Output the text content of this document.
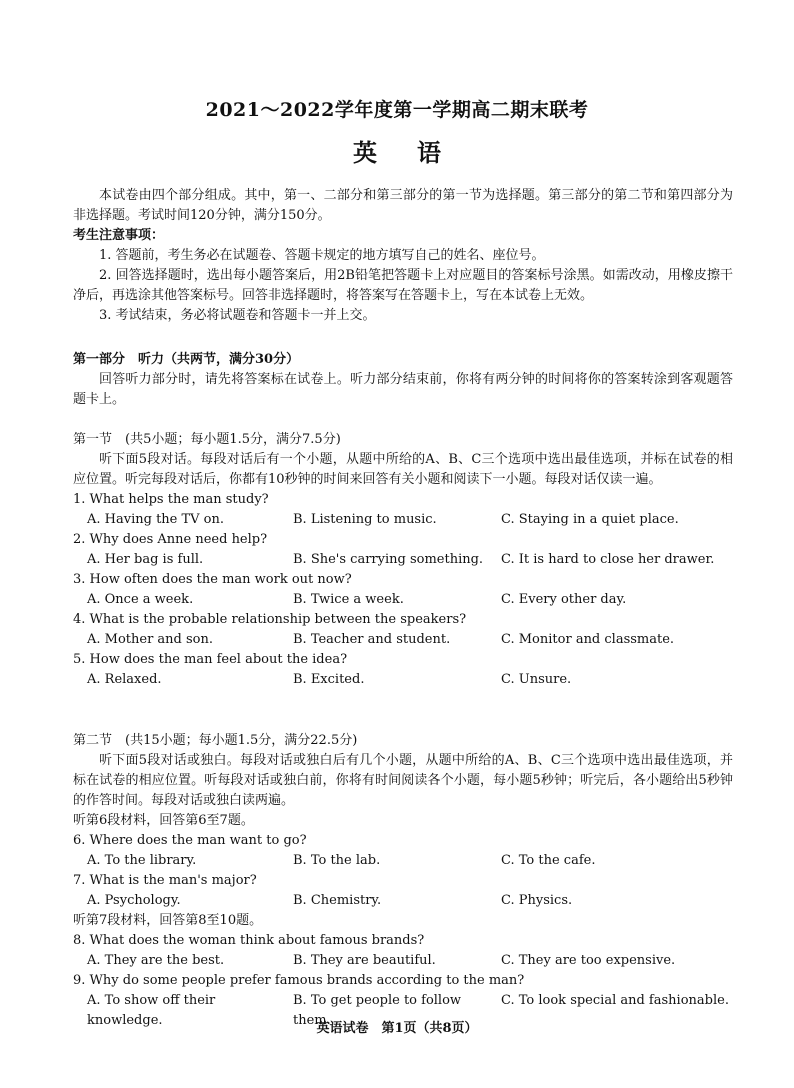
2021～2022学年度第一学期高二期末联考
英语

本试卷由四个部分组成。其中，第一、二部分和第三部分的第一节为选择题。第三部分的第二节和第四部分为非选择题。考试时间120分钟，满分150分。

考生注意事项：

1. 答题前，考生务必在试题卷、答题卡规定的地方填写自己的姓名、座位号。

2. 回答选择题时，选出每小题答案后，用2B铅笔把答题卡上对应题目的答案标号涂黑。如需改动，用橡皮擦干净后，再选涂其他答案标号。回答非选择题时，将答案写在答题卡上，写在本试卷上无效。

3. 考试结束，务必将试题卷和答题卡一并上交。

第一部分　听力（共两节，满分30分）

回答听力部分时，请先将答案标在试卷上。听力部分结束前，你将有两分钟的时间将你的答案转涂到客观题答题卡上。

第一节　(共5小题；每小题1.5分，满分7.5分)

听下面5段对话。每段对话后有一个小题，从题中所给的A、B、C三个选项中选出最佳选项，并标在试卷的相应位置。听完每段对话后，你都有10秒钟的时间来回答有关小题和阅读下一小题。每段对话仅读一遍。

1. What helps the man study?

A. Having the TV on.	B. Listening to music.	C. Staying in a quiet place.

2. Why does Anne need help?

A. Her bag is full.	B. She's carrying something.	C. It is hard to close her drawer.

3. How often does the man work out now?

A. Once a week.	B. Twice a week.	C. Every other day.

4. What is the probable relationship between the speakers?

A. Mother and son.	B. Teacher and student.	C. Monitor and classmate.

5. How does the man feel about the idea?

A. Relaxed.	B. Excited.	C. Unsure.

第二节　(共15小题；每小题1.5分，满分22.5分)

听下面5段对话或独白。每段对话或独白后有几个小题，从题中所给的A、B、C三个选项中选出最佳选项，并标在试卷的相应位置。听每段对话或独白前，你将有时间阅读各个小题，每小题5秒钟；听完后，各小题给出5秒钟的作答时间。每段对话或独白读两遍。

听第6段材料，回答第6至7题。

6. Where does the man want to go?

A. To the library.	B. To the lab.	C. To the cafe.

7. What is the man's major?

A. Psychology.	B. Chemistry.	C. Physics.

听第7段材料，回答第8至10题。

8. What does the woman think about famous brands?

A. They are the best.	B. They are beautiful.	C. They are too expensive.

9. Why do some people prefer famous brands according to the man?

A. To show off their knowledge.
B. To get people to follow them.
C. To look special and fashionable.
英语试卷　第1页（共8页）
